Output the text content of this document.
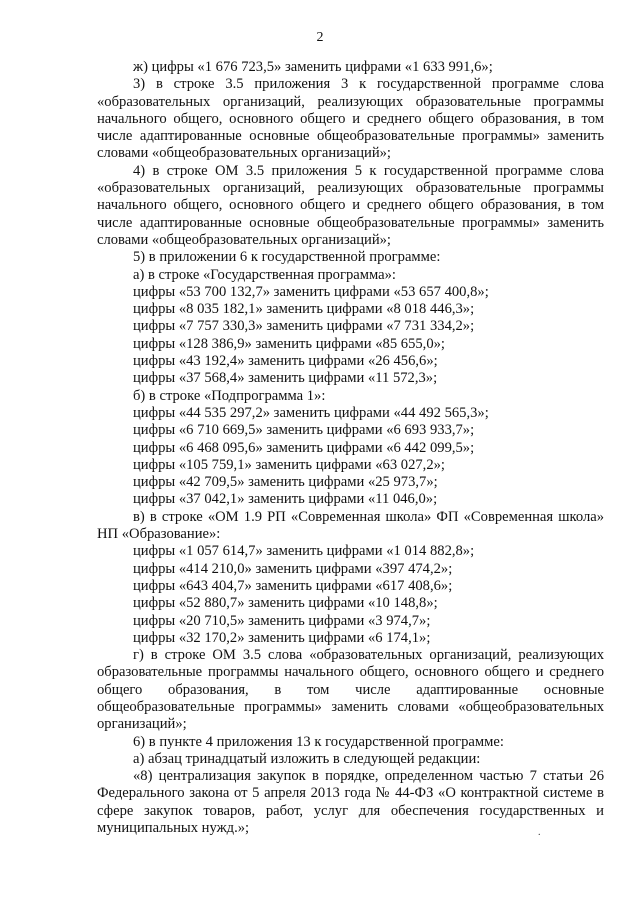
2

ж) цифры «1 676 723,5» заменить цифрами «1 633 991,6»;

3) в строке 3.5 приложения 3 к государственной программе слова «образовательных организаций, реализующих образовательные программы начального общего, основного общего и среднего общего образования, в том числе адаптированные основные общеобразовательные программы» заменить словами «общеобразовательных организаций»;

4) в строке ОМ 3.5 приложения 5 к государственной программе слова «образовательных организаций, реализующих образовательные программы начального общего, основного общего и среднего общего образования, в том числе адаптированные основные общеобразовательные программы» заменить словами «общеобразовательных организаций»;

5) в приложении 6 к государственной программе:

а) в строке «Государственная программа»:

цифры «53 700 132,7» заменить цифрами «53 657 400,8»;

цифры «8 035 182,1» заменить цифрами «8 018 446,3»;

цифры «7 757 330,3» заменить цифрами «7 731 334,2»;

цифры «128 386,9» заменить цифрами «85 655,0»;

цифры «43 192,4» заменить цифрами «26 456,6»;

цифры «37 568,4» заменить цифрами «11 572,3»;

б) в строке «Подпрограмма 1»:

цифры «44 535 297,2» заменить цифрами «44 492 565,3»;

цифры «6 710 669,5» заменить цифрами «6 693 933,7»;

цифры «6 468 095,6» заменить цифрами «6 442 099,5»;

цифры «105 759,1» заменить цифрами «63 027,2»;

цифры «42 709,5» заменить цифрами «25 973,7»;

цифры «37 042,1» заменить цифрами «11 046,0»;

в) в строке «ОМ 1.9 РП «Современная школа» ФП «Современная школа» НП «Образование»:

цифры «1 057 614,7» заменить цифрами «1 014 882,8»;

цифры «414 210,0» заменить цифрами «397 474,2»;

цифры «643 404,7» заменить цифрами «617 408,6»;

цифры «52 880,7» заменить цифрами «10 148,8»;

цифры «20 710,5» заменить цифрами «3 974,7»;

цифры «32 170,2» заменить цифрами «6 174,1»;

г) в строке ОМ 3.5 слова «образовательных организаций, реализующих образовательные программы начального общего, основного общего и среднего общего образования, в том числе адаптированные основные общеобразовательные программы» заменить словами «общеобразовательных организаций»;

6) в пункте 4 приложения 13 к государственной программе:

а) абзац тринадцатый изложить в следующей редакции:

«8) централизация закупок в порядке, определенном частью 7 статьи 26 Федерального закона от 5 апреля 2013 года № 44-ФЗ «О контрактной системе в сфере закупок товаров, работ, услуг для обеспечения государственных и муниципальных нужд.»;	.
